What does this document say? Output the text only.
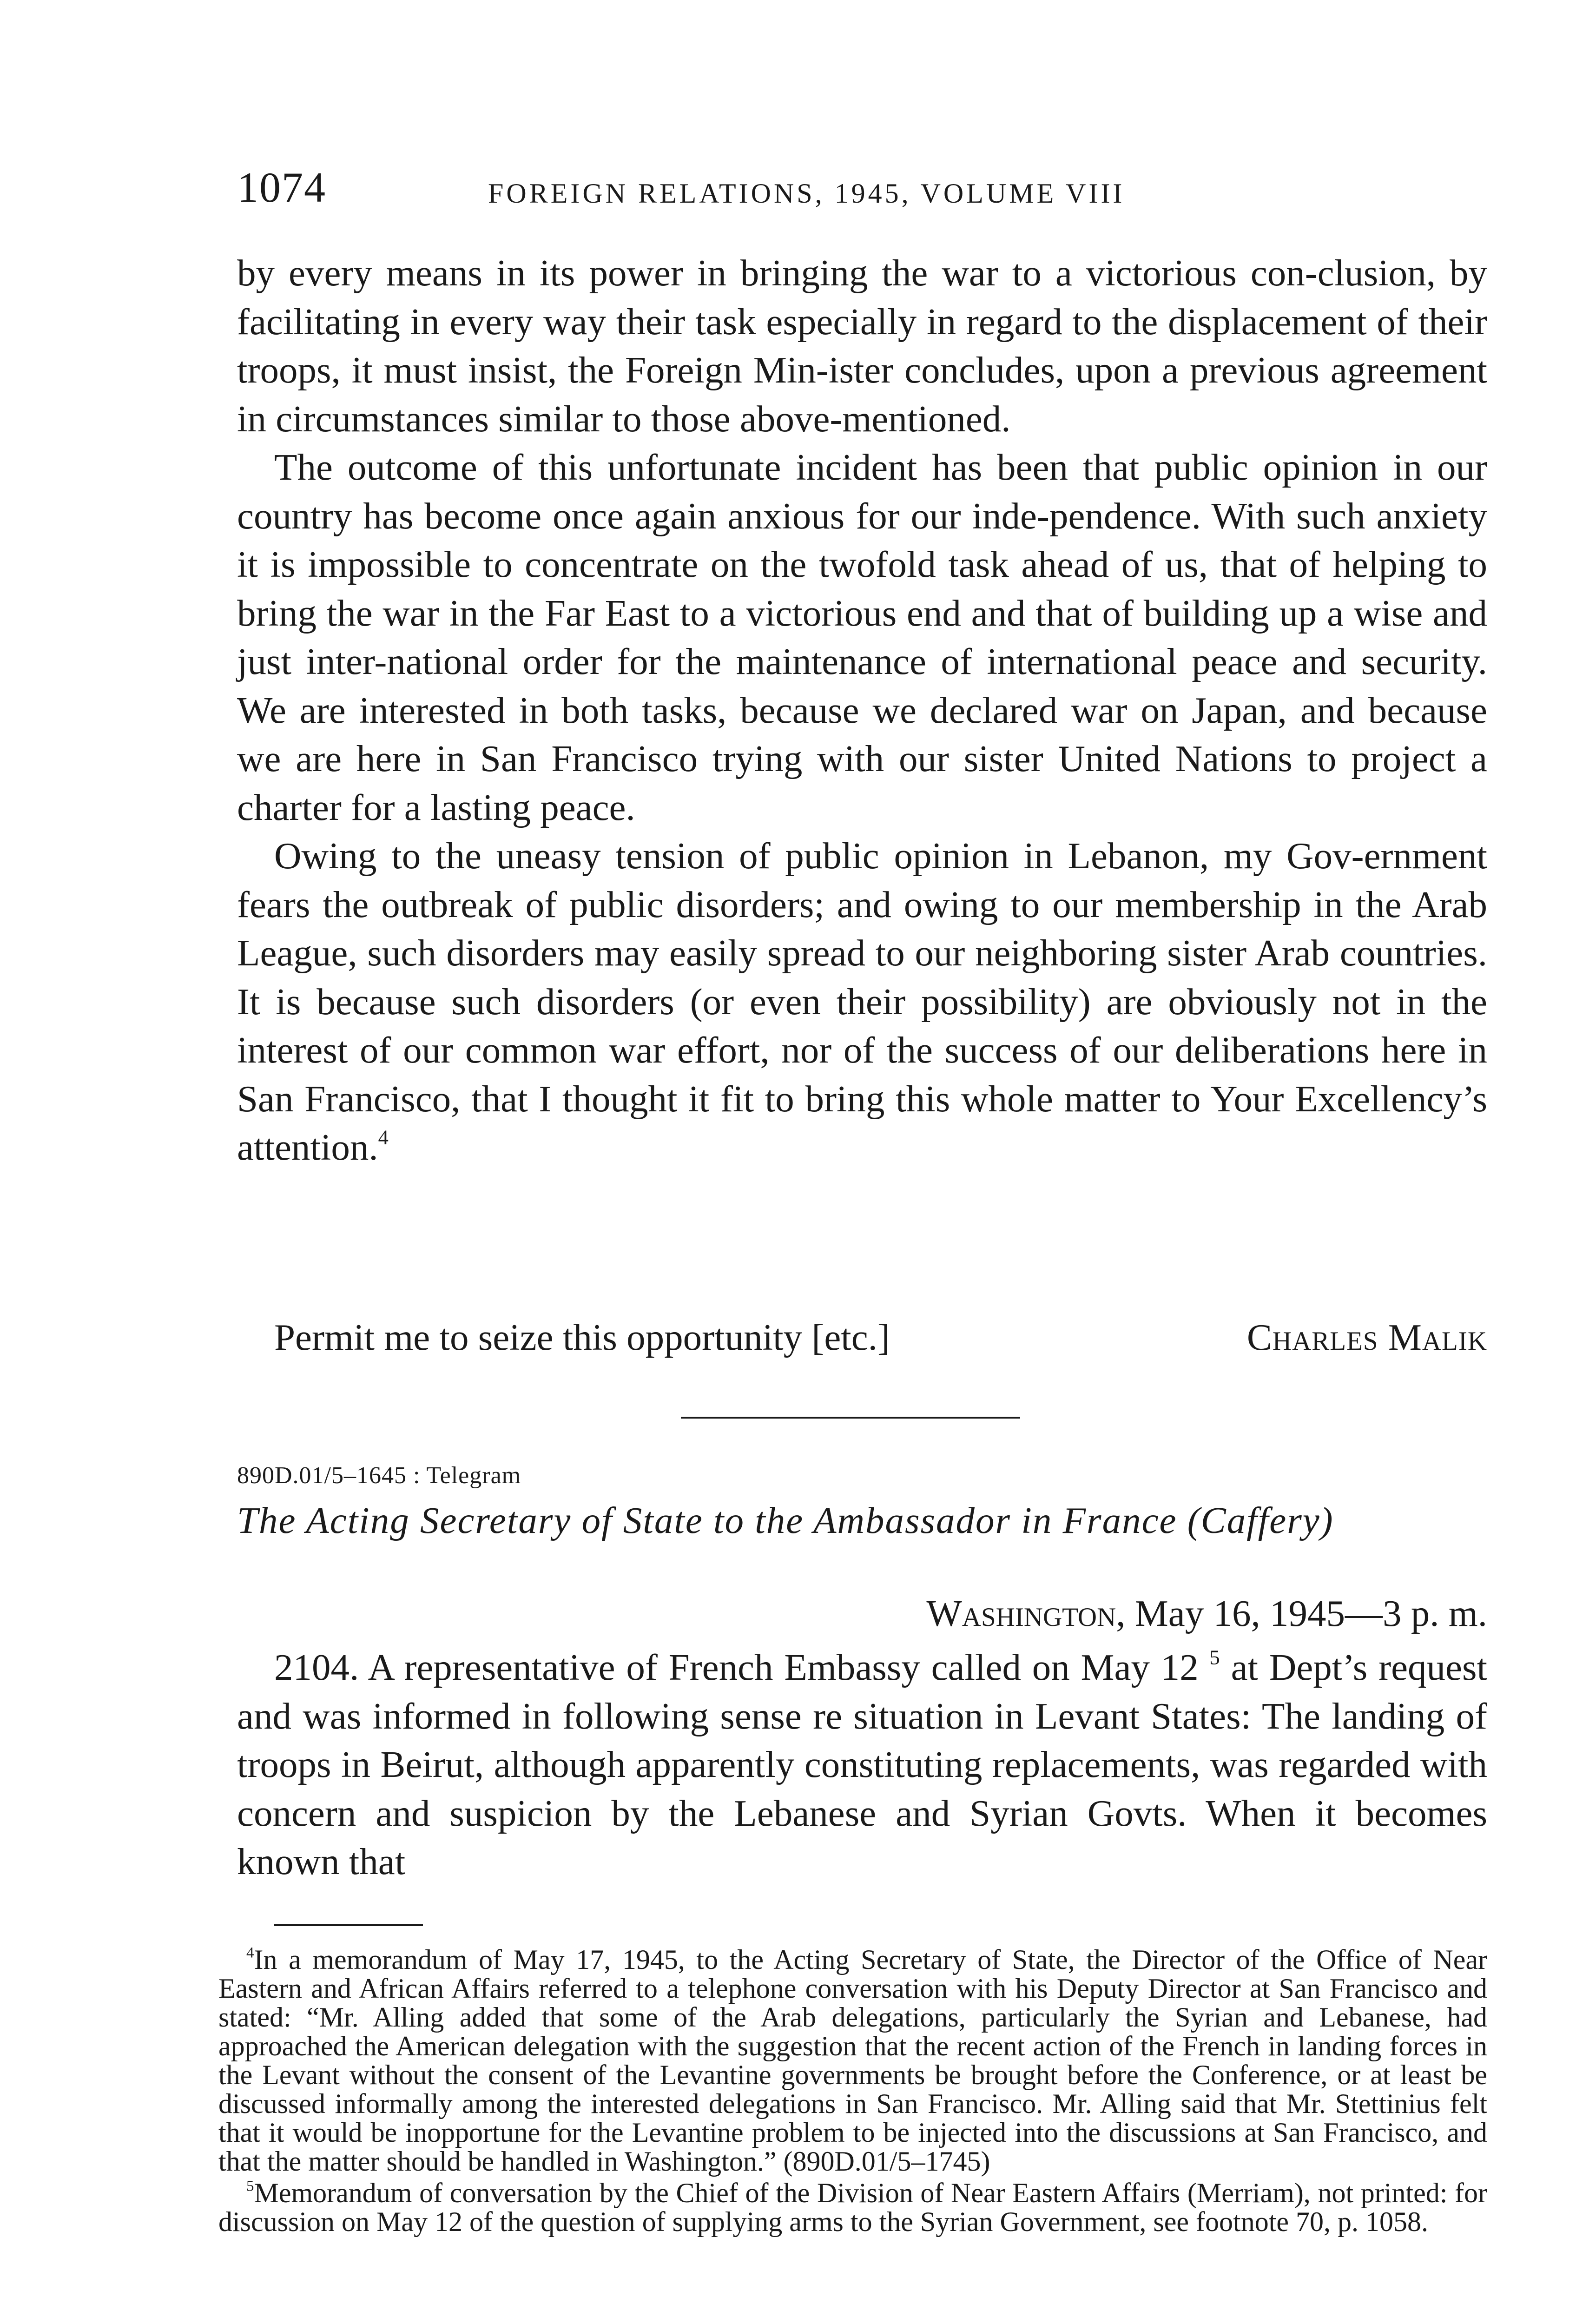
1074	FOREIGN RELATIONS, 1945, VOLUME VIII

by every means in its power in bringing the war to a victorious con-clusion, by facilitating in every way their task especially in regard to the displacement of their troops, it must insist, the Foreign Min-ister concludes, upon a previous agreement in circumstances similar to those above-mentioned.

The outcome of this unfortunate incident has been that public opinion in our country has become once again anxious for our inde-pendence. With such anxiety it is impossible to concentrate on the twofold task ahead of us, that of helping to bring the war in the Far East to a victorious end and that of building up a wise and just inter-national order for the maintenance of international peace and security. We are interested in both tasks, because we declared war on Japan, and because we are here in San Francisco trying with our sister United Nations to project a charter for a lasting peace.

Owing to the uneasy tension of public opinion in Lebanon, my Gov-ernment fears the outbreak of public disorders; and owing to our membership in the Arab League, such disorders may easily spread to our neighboring sister Arab countries. It is because such disorders (or even their possibility) are obviously not in the interest of our common war effort, nor of the success of our deliberations here in San Francisco, that I thought it fit to bring this whole matter to Your Excellency’s attention.$^4$

Permit me to seize this opportunity [etc.]	Charles Malik
890D.01/5–1645 : Telegram
The Acting Secretary of State to the Ambassador in France (Caffery)
Washington, May 16, 1945—3 p. m.

2104. A representative of French Embassy called on May 12 $^5$ at Dept’s request and was informed in following sense re situation in Levant States: The landing of troops in Beirut, although apparently constituting replacements, was regarded with concern and suspicion by the Lebanese and Syrian Govts. When it becomes known that

$^4$In a memorandum of May 17, 1945, to the Acting Secretary of State, the Director of the Office of Near Eastern and African Affairs referred to a telephone conversation with his Deputy Director at San Francisco and stated: “Mr. Alling added that some of the Arab delegations, particularly the Syrian and Lebanese, had approached the American delegation with the suggestion that the recent action of the French in landing forces in the Levant without the consent of the Levantine governments be brought before the Conference, or at least be discussed informally among the interested delegations in San Francisco. Mr. Alling said that Mr. Stettinius felt that it would be inopportune for the Levantine problem to be injected into the discussions at San Francisco, and that the matter should be handled in Washington.” (890D.01/5–1745)

$^5$Memorandum of conversation by the Chief of the Division of Near Eastern Affairs (Merriam), not printed: for discussion on May 12 of the question of supplying arms to the Syrian Government, see footnote 70, p. 1058.
